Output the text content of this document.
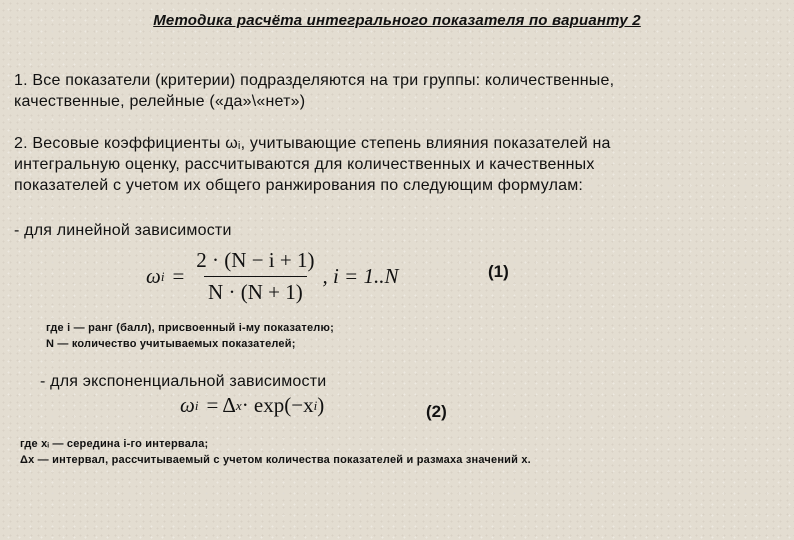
Методика расчёта интегрального показателя по варианту 2
1. Все показатели (критерии) подразделяются на три группы: количественные,
качественные, релейные («да»\«нет»)
2. Весовые коэффициенты ωᵢ, учитывающие степень влияния показателей на
интегральную оценку, рассчитываются для количественных и качественных
показателей с учетом их общего ранжирования по следующим формулам:
- для линейной зависимости
ω $i = \frac{2 \cdot (N - i + 1)}{N \cdot (N + 1)}$ , i = 1..N	(1)
где i — ранг (балл), присвоенный i-му показателю;
N — количество учитываемых показателей;
- для экспоненциальной зависимости
ω i = Δ x · exp(−x i )	(2)
где xᵢ — середина i-го интервала;
Δx — интервал, рассчитываемый с учетом количества показателей и размаха значений x.
